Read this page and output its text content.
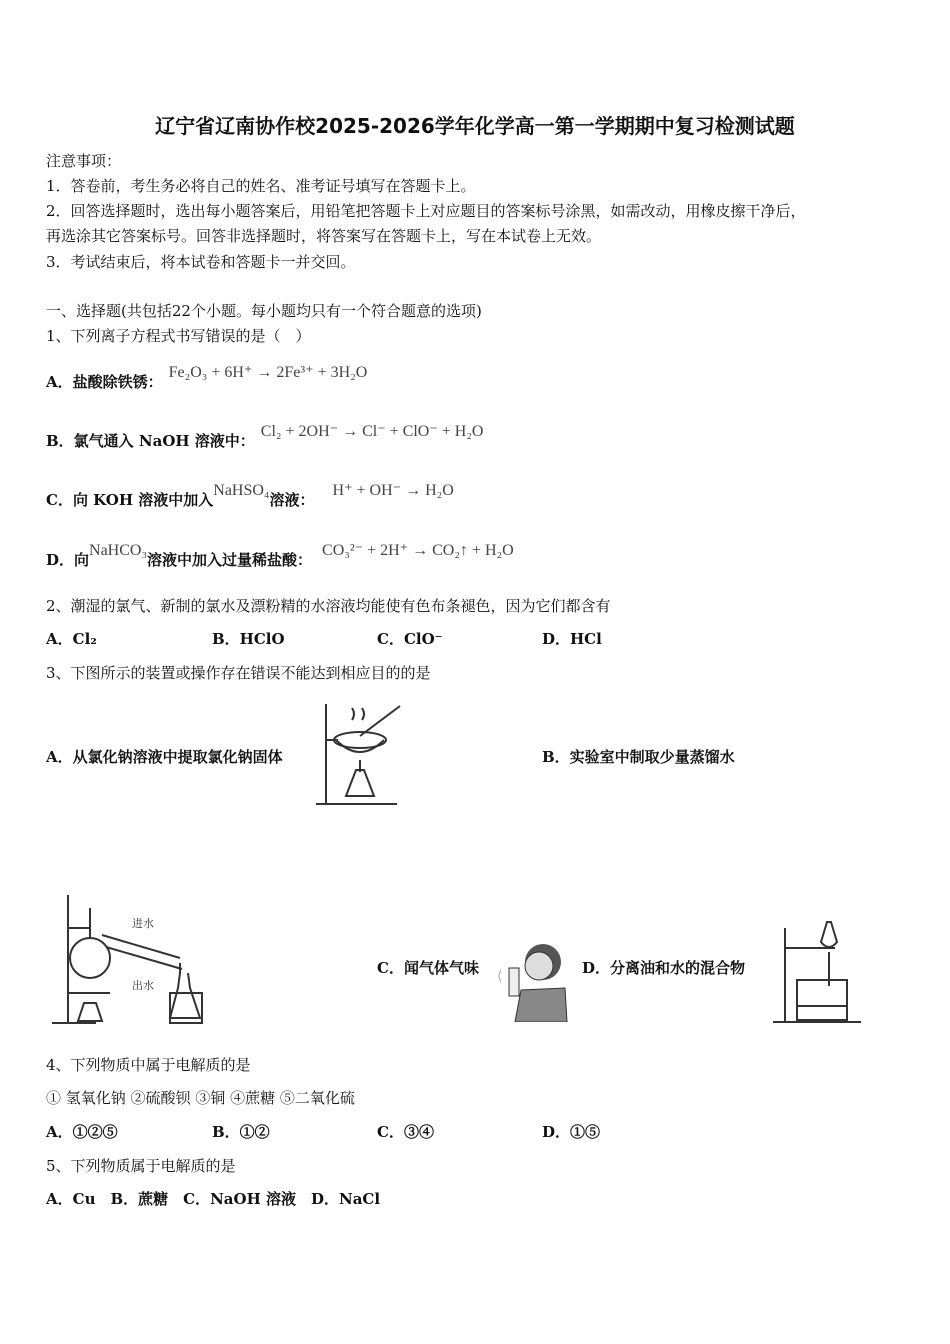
辽宁省辽南协作校2025-2026学年化学高一第一学期期中复习检测试题
注意事项：
1．答卷前，考生务必将自己的姓名、准考证号填写在答题卡上。
2．回答选择题时，选出每小题答案后，用铅笔把答题卡上对应题目的答案标号涂黑，如需改动，用橡皮擦干净后，
再选涂其它答案标号。回答非选择题时，将答案写在答题卡上，写在本试卷上无效。
3．考试结束后，将本试卷和答题卡一并交回。
一、选择题(共包括22个小题。每小题均只有一个符合题意的选项)
1、下列离子方程式书写错误的是（　）
A．盐酸除铁锈：Fe₂O₃ + 6H⁺ → 2Fe³⁺ + 3H₂O
B．氯气通入 NaOH 溶液中：Cl₂ + 2OH⁻ → Cl⁻ + ClO⁻ + H₂O
C．向 KOH 溶液中加入NaHSO₄溶液：H⁺ + OH⁻ → H₂O
D．向NaHCO₃溶液中加入过量稀盐酸：CO₃²⁻ + 2H⁺ → CO₂↑ + H₂O
2、潮湿的氯气、新制的氯水及漂粉精的水溶液均能使有色布条褪色，因为它们都含有
A．Cl₂	B．HClO	C．ClO⁻	D．HCl
3、下图所示的装置或操作存在错误不能达到相应目的的是
A．从氯化钠溶液中提取氯化钠固体	B．实验室中制取少量蒸馏水
进水
出水
C．闻气体气味	D．分离油和水的混合物
4、下列物质中属于电解质的是
① 氢氧化钠 ②硫酸钡 ③铜 ④蔗糖 ⑤二氧化硫
A．①②⑤	B．①②	C．③④	D．①⑤
5、下列物质属于电解质的是
A．Cu　B．蔗糖　C．NaOH 溶液　D．NaCl
